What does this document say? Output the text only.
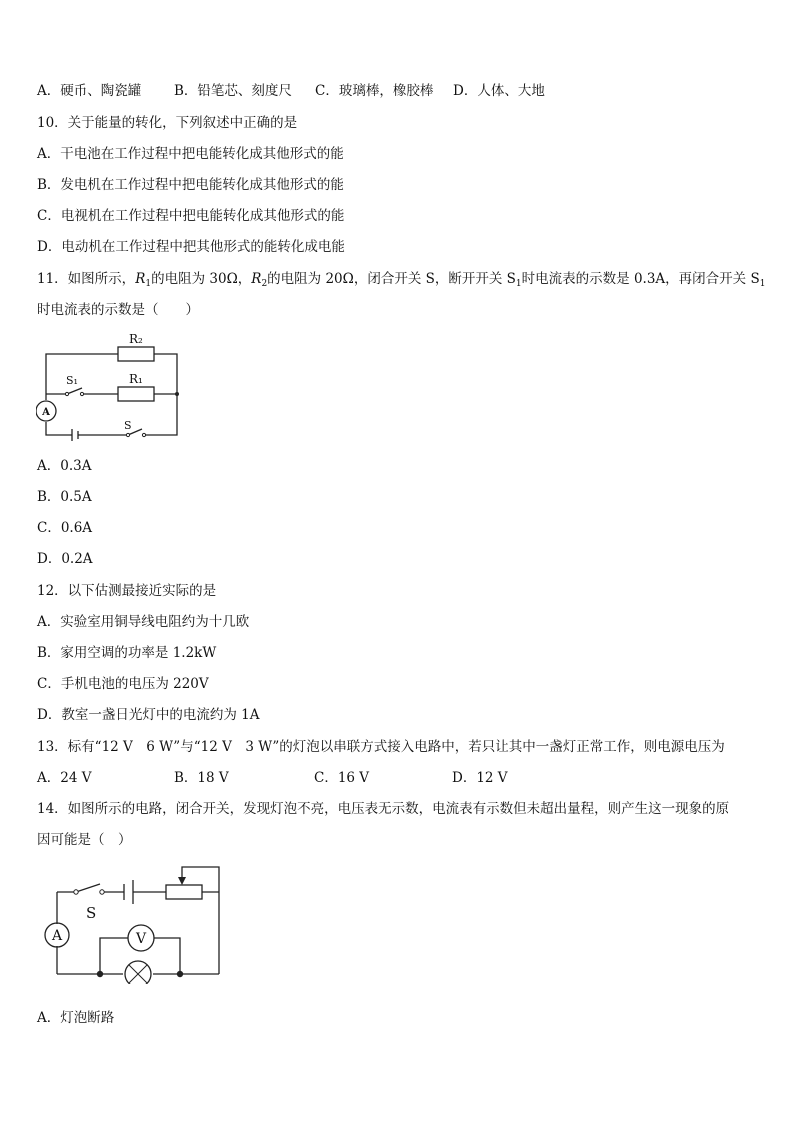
A．硬币、陶瓷罐 B．铅笔芯、刻度尺 C．玻璃棒，橡胶棒 D．人体、大地
10．关于能量的转化，下列叙述中正确的是
A．干电池在工作过程中把电能转化成其他形式的能
B．发电机在工作过程中把电能转化成其他形式的能
C．电视机在工作过程中把电能转化成其他形式的能
D．电动机在工作过程中把其他形式的能转化成电能
11．如图所示，$R_1$的电阻为 30Ω，$R_2$的电阻为 20Ω，闭合开关 S，断开开关 $S_1$时电流表的示数是 0.3A，再闭合开关 $S_1$
时电流表的示数是（　　）
A
R₂
R₁
S₁
S
A．0.3A
B．0.5A
C．0.6A
D．0.2A
12．以下估测最接近实际的是
A．实验室用铜导线电阻约为十几欧
B．家用空调的功率是 1.2kW
C．手机电池的电压为 220V
D．教室一盏日光灯中的电流约为 1A
13．标有“12 V　6 W”与“12 V　3 W”的灯泡以串联方式接入电路中，若只让其中一盏灯正常工作，则电源电压为
A．24 V	B．18 V	C．16 V	D．12 V
14．如图所示的电路，闭合开关，发现灯泡不亮，电压表无示数，电流表有示数但未超出量程，则产生这一现象的原
因可能是（　）
A	V
S
A．灯泡断路
